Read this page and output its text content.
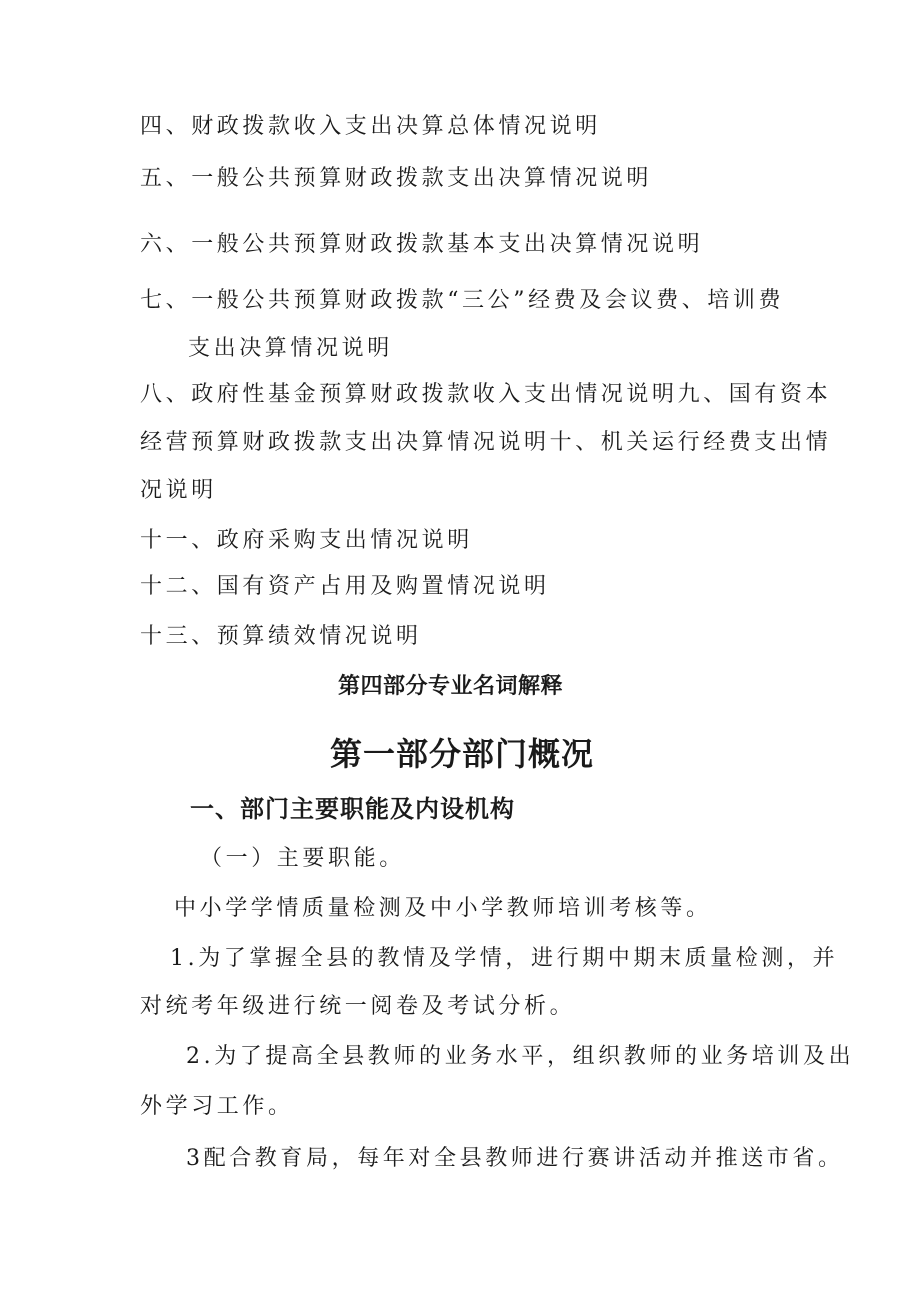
四、财政拨款收入支出决算总体情况说明
五、一般公共预算财政拨款支出决算情况说明
六、一般公共预算财政拨款基本支出决算情况说明
七、一般公共预算财政拨款“三公”经费及会议费、培训费
支出决算情况说明
八、政府性基金预算财政拨款收入支出情况说明九、国有资本
经营预算财政拨款支出决算情况说明十、机关运行经费支出情
况说明
十一、政府采购支出情况说明
十二、国有资产占用及购置情况说明
十三、预算绩效情况说明
第四部分专业名词解释
第一部分部门概况
一、部门主要职能及内设机构
（一）主要职能。
中小学学情质量检测及中小学教师培训考核等。
1.为了掌握全县的教情及学情，进行期中期末质量检测，并
对统考年级进行统一阅卷及考试分析。
2.为了提高全县教师的业务水平，组织教师的业务培训及出
外学习工作。
3配合教育局，每年对全县教师进行赛讲活动并推送市省。
